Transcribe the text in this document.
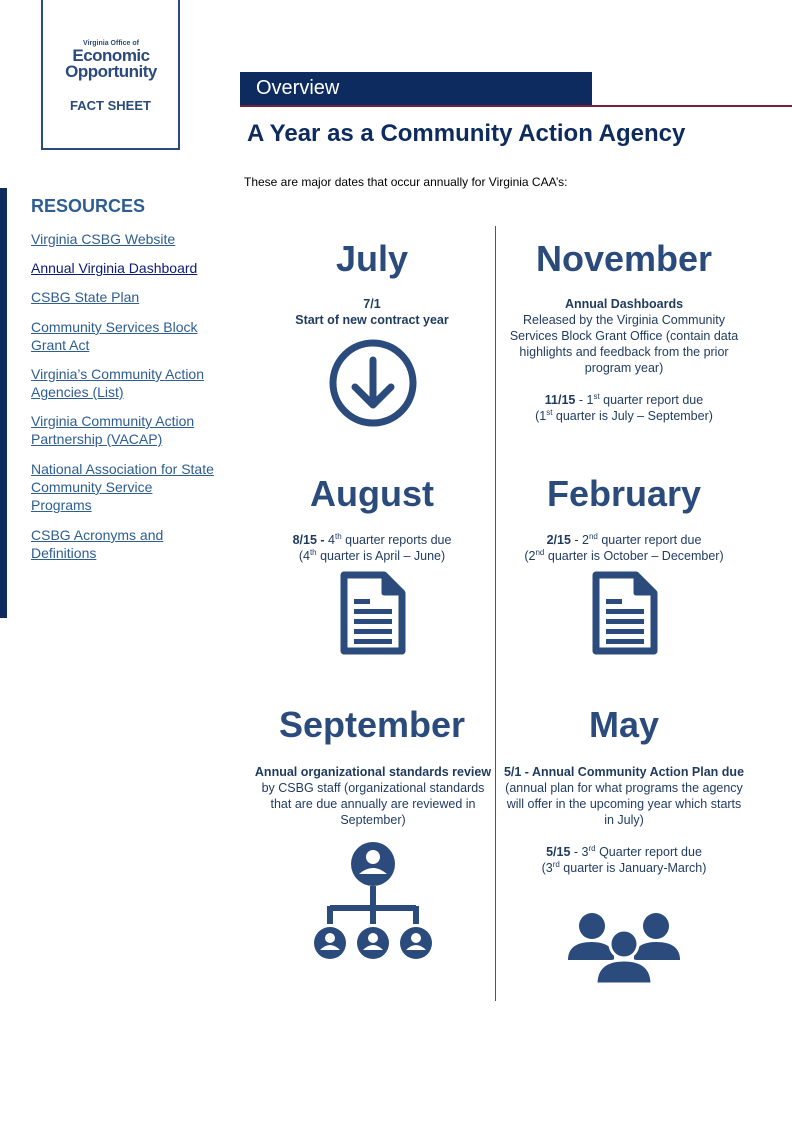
Virginia Office of
Economic
Opportunity
FACT SHEET
RESOURCES
Virginia CSBG Website
Annual Virginia Dashboard
CSBG State Plan
Community Services Block Grant Act
Virginia’s Community Action Agencies (List)
Virginia Community Action Partnership (VACAP)
National Association for State Community Service Programs
CSBG Acronyms and Definitions
Overview
A Year as a Community Action Agency
These are major dates that occur annually for Virginia CAA’s:
July
7/1
Start of new contract year
November
Annual Dashboards
Released by the Virginia Community Services Block Grant Office (contain data highlights and feedback from the prior program year)

11/15 - 1st quarter report due
(1st quarter is July – September)
August
8/15 - 4th quarter reports due
(4th quarter is April – June)
February
2/15 - 2nd quarter report due
(2nd quarter is October – December)
September
Annual organizational standards review by CSBG staff (organizational standards that are due annually are reviewed in September)
May
5/1 - Annual Community Action Plan due (annual plan for what programs the agency will offer in the upcoming year which starts in July)

5/15 - 3rd Quarter report due
(3rd quarter is January-March)
